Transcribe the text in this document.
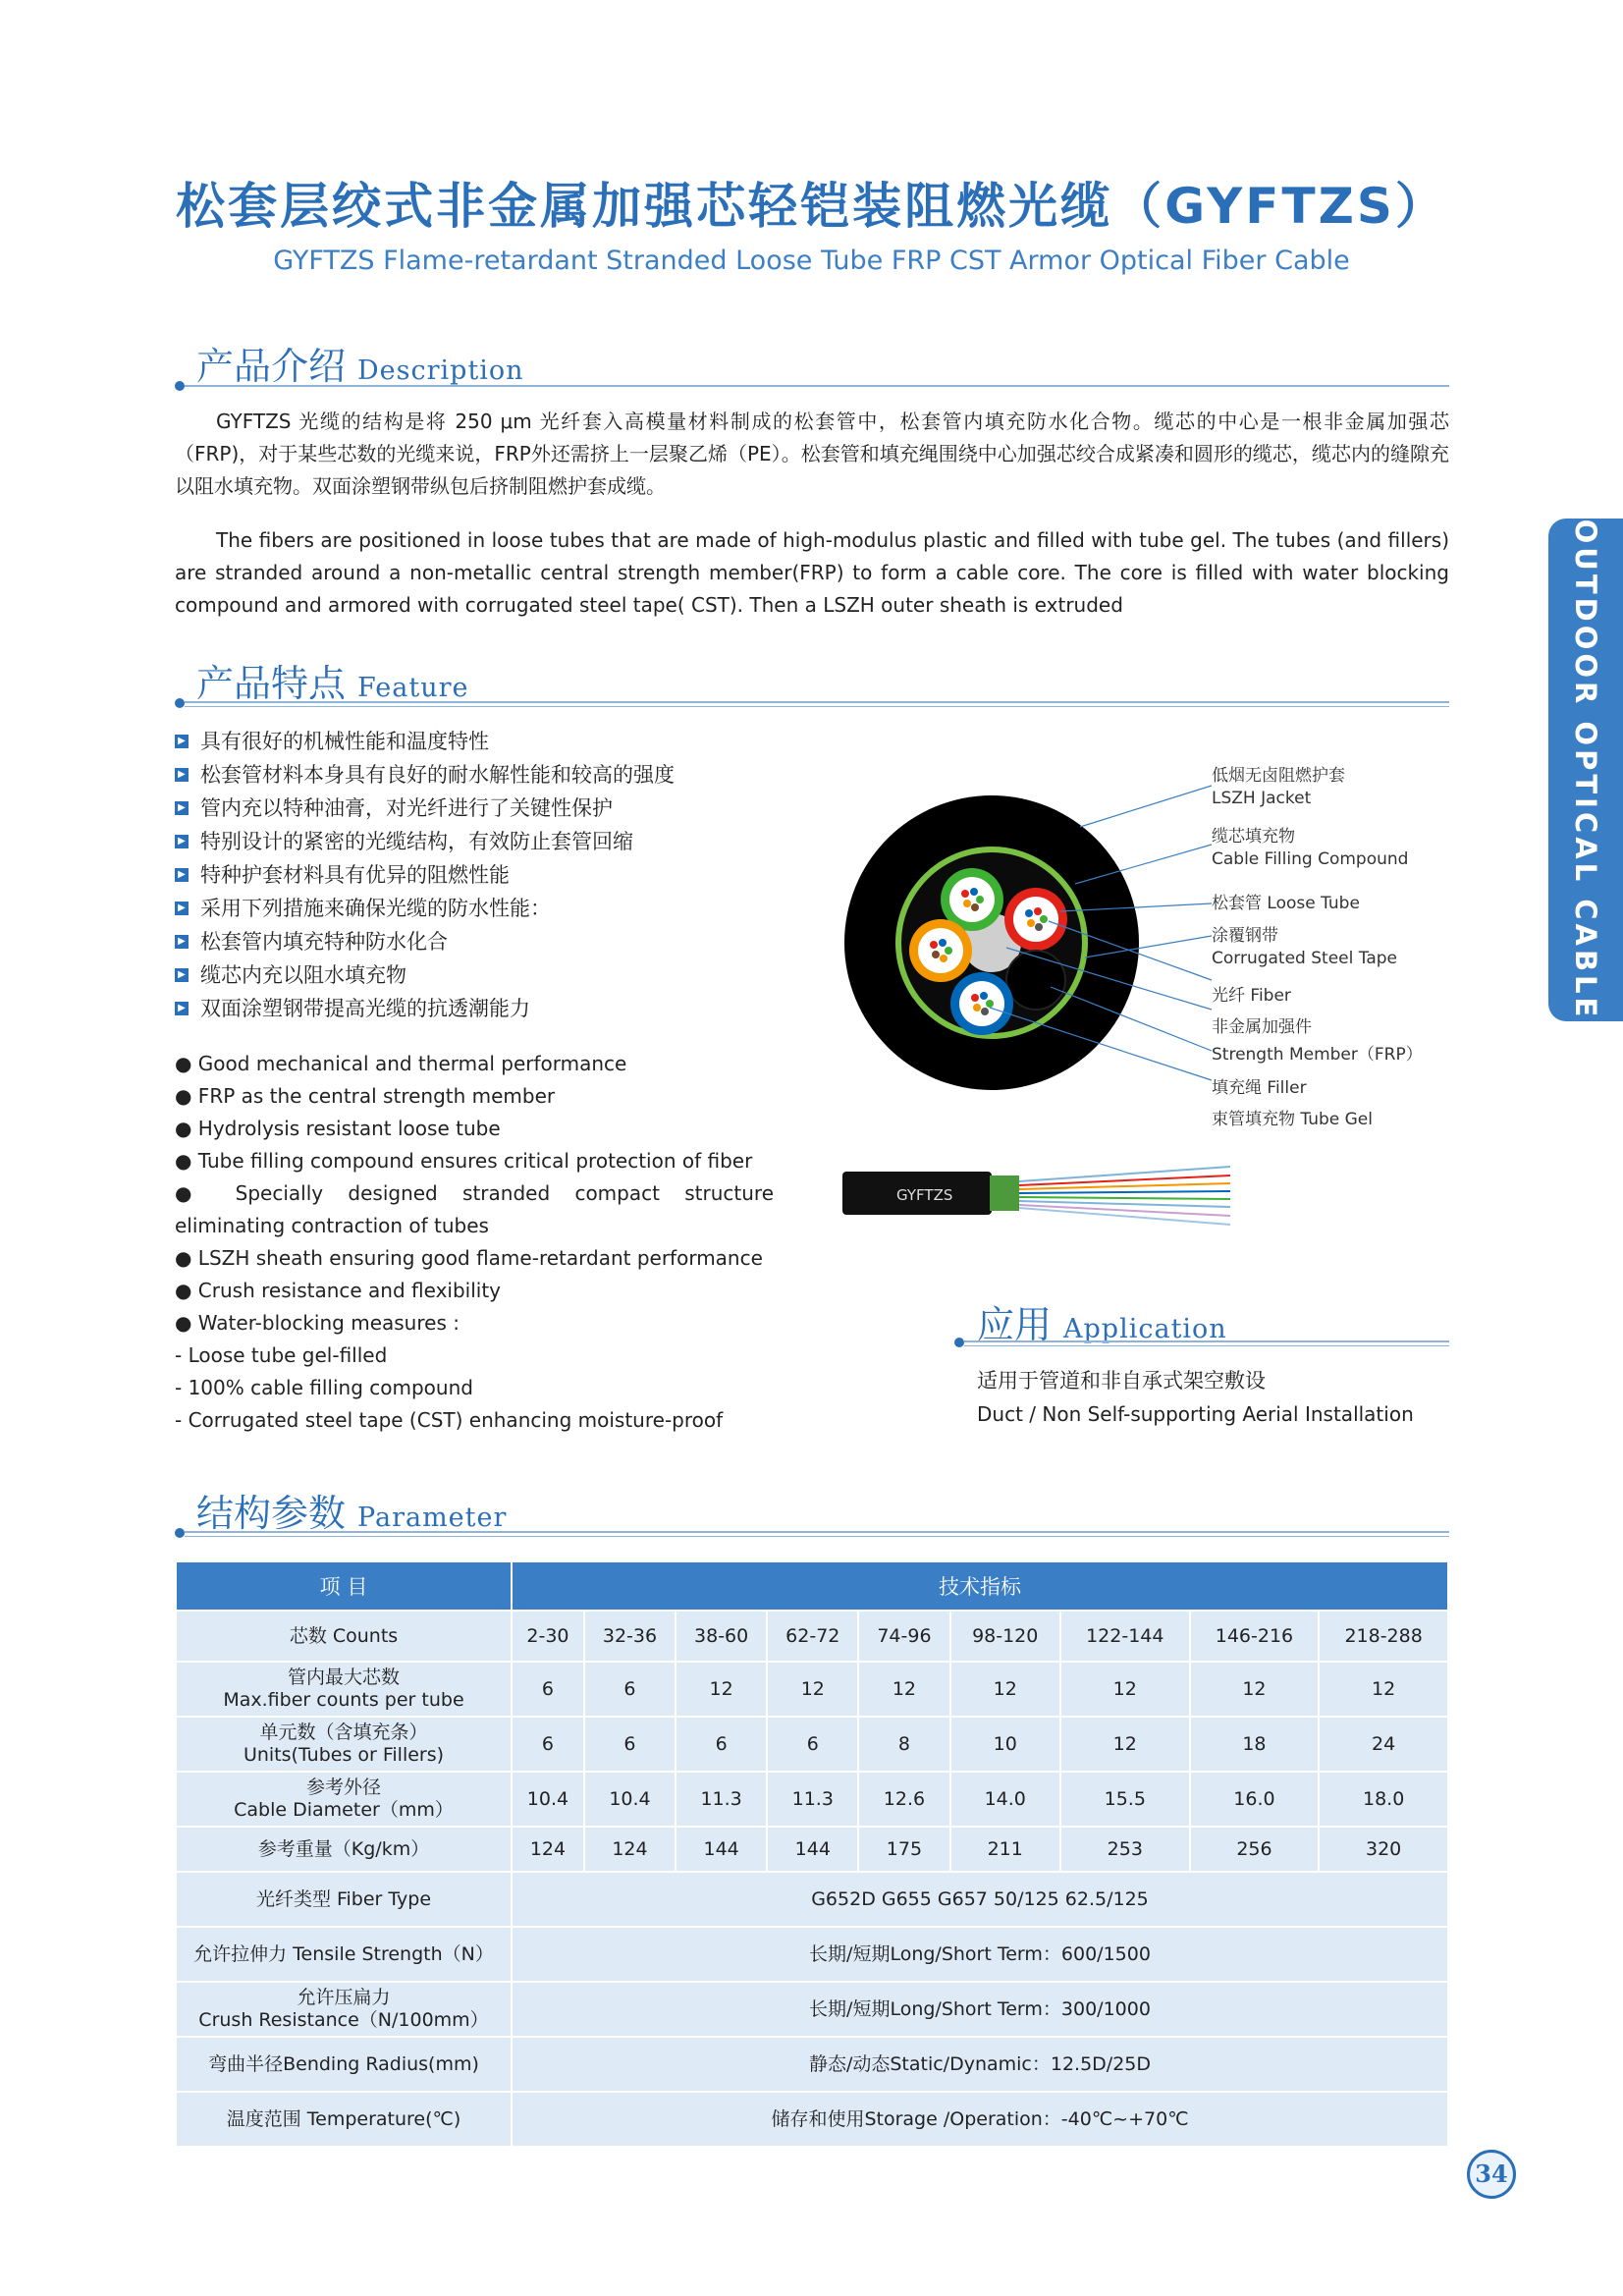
松套层绞式非金属加强芯轻铠装阻燃光缆（GYFTZS）
GYFTZS Flame-retardant Stranded Loose Tube FRP CST Armor Optical Fiber Cable
OUTDOOR OPTICAL CABLE
产品介绍 Description
GYFTZS 光缆的结构是将 250 μm 光纤套入高模量材料制成的松套管中，松套管内填充防水化合物。缆芯的中心是一根非金属加强芯（FRP)，对于某些芯数的光缆来说，FRP外还需挤上一层聚乙烯（PE）。松套管和填充绳围绕中心加强芯绞合成紧凑和圆形的缆芯，缆芯内的缝隙充以阻水填充物。双面涂塑钢带纵包后挤制阻燃护套成缆。
The fibers are positioned in loose tubes that are made of high-modulus plastic and filled with tube gel. The tubes (and fillers) are stranded around a non-metallic central strength member(FRP) to form a cable core. The core is filled with water blocking compound and armored with corrugated steel tape( CST). Then a LSZH outer sheath is extruded
产品特点 Feature
▶ 具有很好的机械性能和温度特性
▶ 松套管材料本身具有良好的耐水解性能和较高的强度
▶ 管内充以特种油膏，对光纤进行了关键性保护
▶ 特别设计的紧密的光缆结构，有效防止套管回缩
▶ 特种护套材料具有优异的阻燃性能
▶ 采用下列措施来确保光缆的防水性能：
▶ 松套管内填充特种防水化合
▶ 缆芯内充以阻水填充物
▶ 双面涂塑钢带提高光缆的抗透潮能力
● Good mechanical and thermal performance
● FRP as the central strength member
● Hydrolysis resistant loose tube
● Tube filling compound ensures critical protection of fiber
● Specially designed stranded compact structure eliminating contraction of tubes
● LSZH sheath ensuring good flame-retardant performance
● Crush resistance and flexibility
● Water-blocking measures :
- Loose tube gel-filled
- 100% cable filling compound
- Corrugated steel tape (CST) enhancing moisture-proof
低烟无卤阻燃护套
LSZH Jacket
缆芯填充物
Cable Filling Compound
松套管 Loose Tube
涂覆钢带
Corrugated Steel Tape
光纤 Fiber
非金属加强件
Strength Member（FRP）
填充绳 Filler
束管填充物 Tube Gel
GYFTZS
应用 Application
适用于管道和非自承式架空敷设
Duct / Non Self-supporting Aerial Installation
结构参数 Parameter
项 目	技术指标								
芯数 Counts	2-30	32-36	38-60	62-72	74-96	98-120	122-144	146-216	218-288

管内最大芯数
Max.fiber counts per tube	6	6	12	12	12	12	12	12	12

单元数（含填充条）
Units(Tubes or Fillers)	6	6	6	6	8	10	12	18	24

参考外径
Cable Diameter（mm）	10.4	10.4	11.3	11.3	12.6	14.0	15.5	16.0	18.0
参考重量（Kg/km）	124	124	144	144	175	211	253	256	320
光纤类型 Fiber Type	G652D G655 G657 50/125 62.5/125								
允许拉伸力 Tensile Strength（N）	长期/短期Long/Short Term：600/1500								

允许压扁力
Crush Resistance（N/100mm）	长期/短期Long/Short Term：300/1000								
弯曲半径Bending Radius(mm)	静态/动态Static/Dynamic：12.5D/25D								
温度范围 Temperature(℃)	储存和使用Storage /Operation：-40℃~+70℃								
34
